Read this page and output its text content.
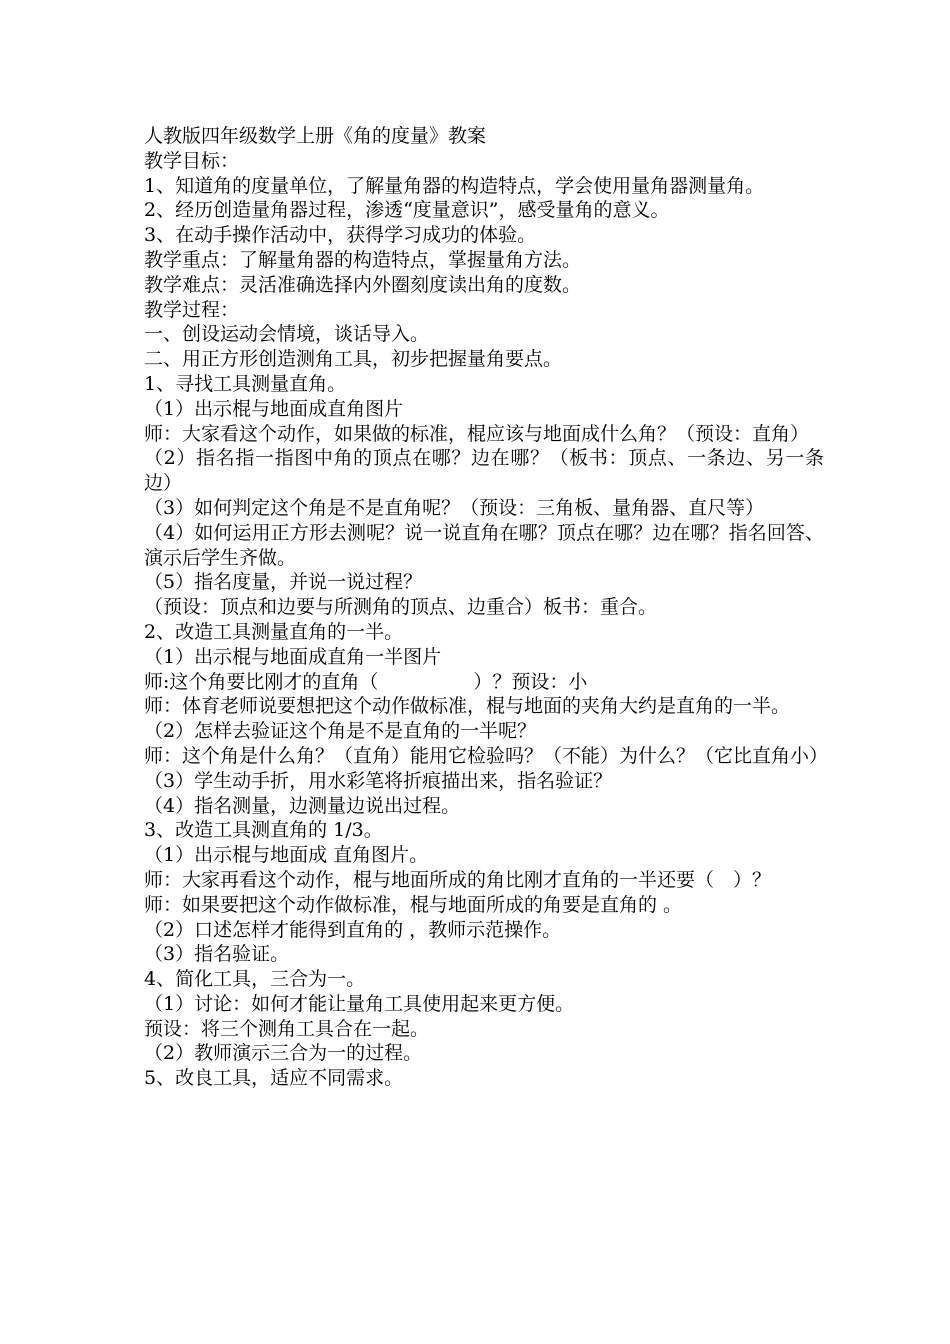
人教版四年级数学上册《角的度量》教案
教学目标：
1、知道角的度量单位，了解量角器的构造特点，学会使用量角器测量角。
2、经历创造量角器过程，渗透“度量意识”，感受量角的意义。
3、在动手操作活动中，获得学习成功的体验。
教学重点：了解量角器的构造特点，掌握量角方法。
教学难点：灵活准确选择内外圈刻度读出角的度数。
教学过程：
一、创设运动会情境，谈话导入。
二、用正方形创造测角工具，初步把握量角要点。
1、寻找工具测量直角。
（1）出示棍与地面成直角图片
师：大家看这个动作，如果做的标准，棍应该与地面成什么角？（预设：直角）
（2）指名指一指图中角的顶点在哪？边在哪？（板书：顶点、一条边、另一条边）
（3）如何判定这个角是不是直角呢？（预设：三角板、量角器、直尺等）
（4）如何运用正方形去测呢？说一说直角在哪？顶点在哪？边在哪？指名回答、演示后学生齐做。
（5）指名度量，并说一说过程？
（预设：顶点和边要与所测角的顶点、边重合）板书：重合。
2、改造工具测量直角的一半。
（1）出示棍与地面成直角一半图片
师:这个角要比刚才的直角（　　　　　）？预设：小
师：体育老师说要想把这个动作做标准，棍与地面的夹角大约是直角的一半。
（2）怎样去验证这个角是不是直角的一半呢？
师：这个角是什么角？（直角）能用它检验吗？（不能）为什么？（它比直角小）
（3）学生动手折，用水彩笔将折痕描出来，指名验证？
（4）指名测量，边测量边说出过程。
3、改造工具测直角的 1/3。
（1）出示棍与地面成 直角图片。
师：大家再看这个动作，棍与地面所成的角比刚才直角的一半还要（　）？
师：如果要把这个动作做标准，棍与地面所成的角要是直角的 。
（2）口述怎样才能得到直角的 ，教师示范操作。
（3）指名验证。
4、简化工具，三合为一。
（1）讨论：如何才能让量角工具使用起来更方便。
预设：将三个测角工具合在一起。
（2）教师演示三合为一的过程。
5、改良工具，适应不同需求。
